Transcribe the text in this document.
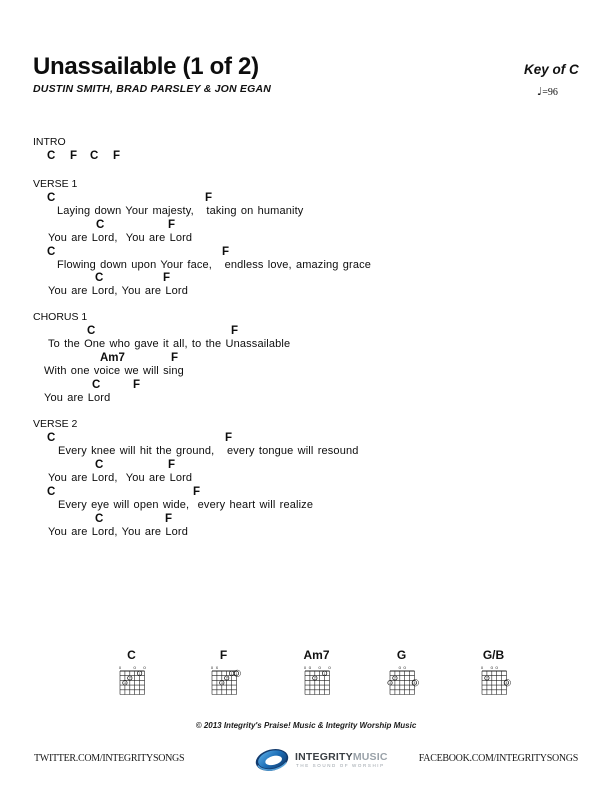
Unassailable (1 of 2)
DUSTIN SMITH, BRAD PARSLEY & JON EGAN
Key of C
♩=96
INTRO
C F C F
VERSE 1
C	F
Laying down Your majesty,   taking on humanity
C	F
You are Lord,  You are Lord
C	F
Flowing down upon Your face,   endless love, amazing grace
C	F
You are Lord, You are Lord
CHORUS 1
C	F
To the One who gave it all, to the Unassailable
Am7	F
With one voice we will sing
C	F
You are Lord
VERSE 2
C	F
Every knee will hit the ground,   every tongue will resound
C	F
You are Lord,  You are Lord
C	F
Every eye will open wide,  every heart will realize
C	F
You are Lord, You are Lord
C
x	o o
3
2
1
F
x x
3
2
1 1
Am7
x o o o
2
1
G
o o
3
2
4
G/B
x o o
2
4
© 2013 Integrity's Praise! Music & Integrity Worship Music
TWITTER.COM/INTEGRITYSONGS	FACEBOOK.COM/INTEGRITYSONGS
INTEGRITYMUSIC
THE SOUND OF WORSHIP
